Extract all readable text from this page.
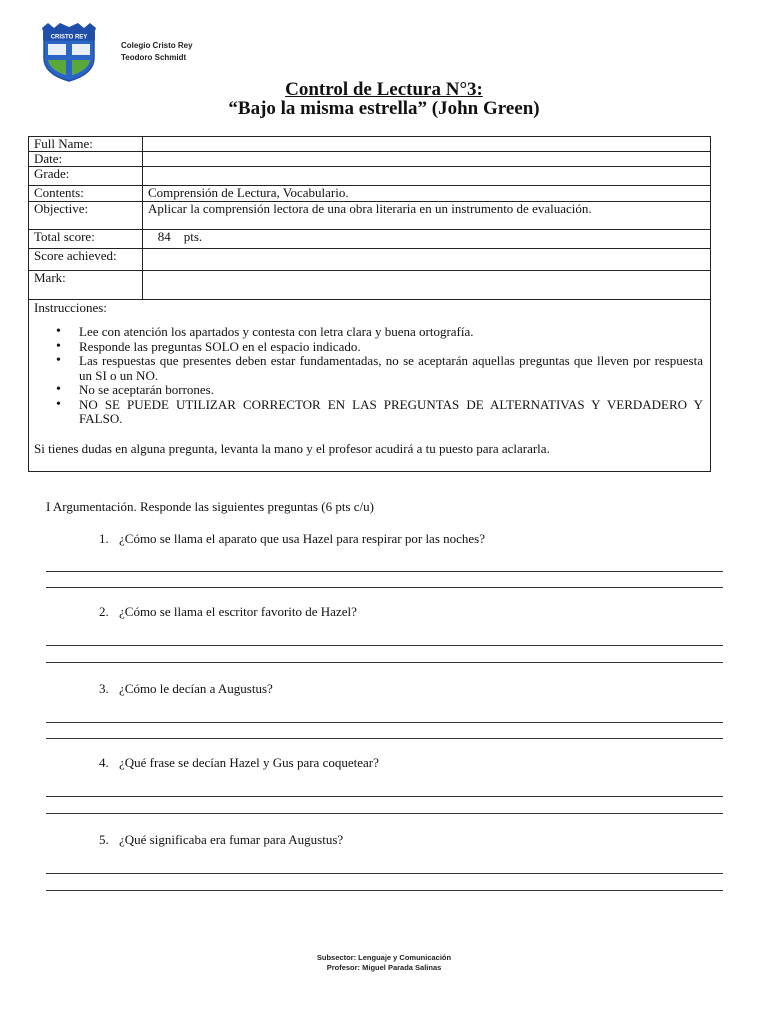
CRISTO REY
Colegio Cristo Rey
Teodoro Schmidt
Control de Lectura N°3:
“Bajo la misma estrella” (John Green)
Full Name:	
Date:	
Grade:	
Contents:	Comprensión de Lectura, Vocabulario.
Objective:	Aplicar la comprensión lectora de una obra literaria en un instrumento de evaluación.
Total score:	84    pts.
Score achieved:	
Mark:	
Instrucciones:
• Lee con atención los apartados y contesta con letra clara y buena ortografía.
• Responde las preguntas SOLO en el espacio indicado.
• Las respuestas que presentes deben estar fundamentadas, no se aceptarán aquellas preguntas que lleven por respuesta un SI o un NO.
• No se aceptarán borrones.
• NO SE PUEDE UTILIZAR CORRECTOR EN LAS PREGUNTAS DE ALTERNATIVAS Y VERDADERO Y FALSO.
Si tienes dudas en alguna pregunta, levanta la mano y el profesor acudirá a tu puesto para aclararla.
I Argumentación. Responde las siguientes preguntas (6 pts c/u)
1. ¿Cómo se llama el aparato que usa Hazel para respirar por las noches?
2. ¿Cómo se llama el escritor favorito de Hazel?
3. ¿Cómo le decían a Augustus?
4. ¿Qué frase se decían Hazel y Gus para coquetear?
5. ¿Qué significaba era fumar para Augustus?
Subsector: Lenguaje y Comunicación
Profesor: Miguel Parada Salinas
